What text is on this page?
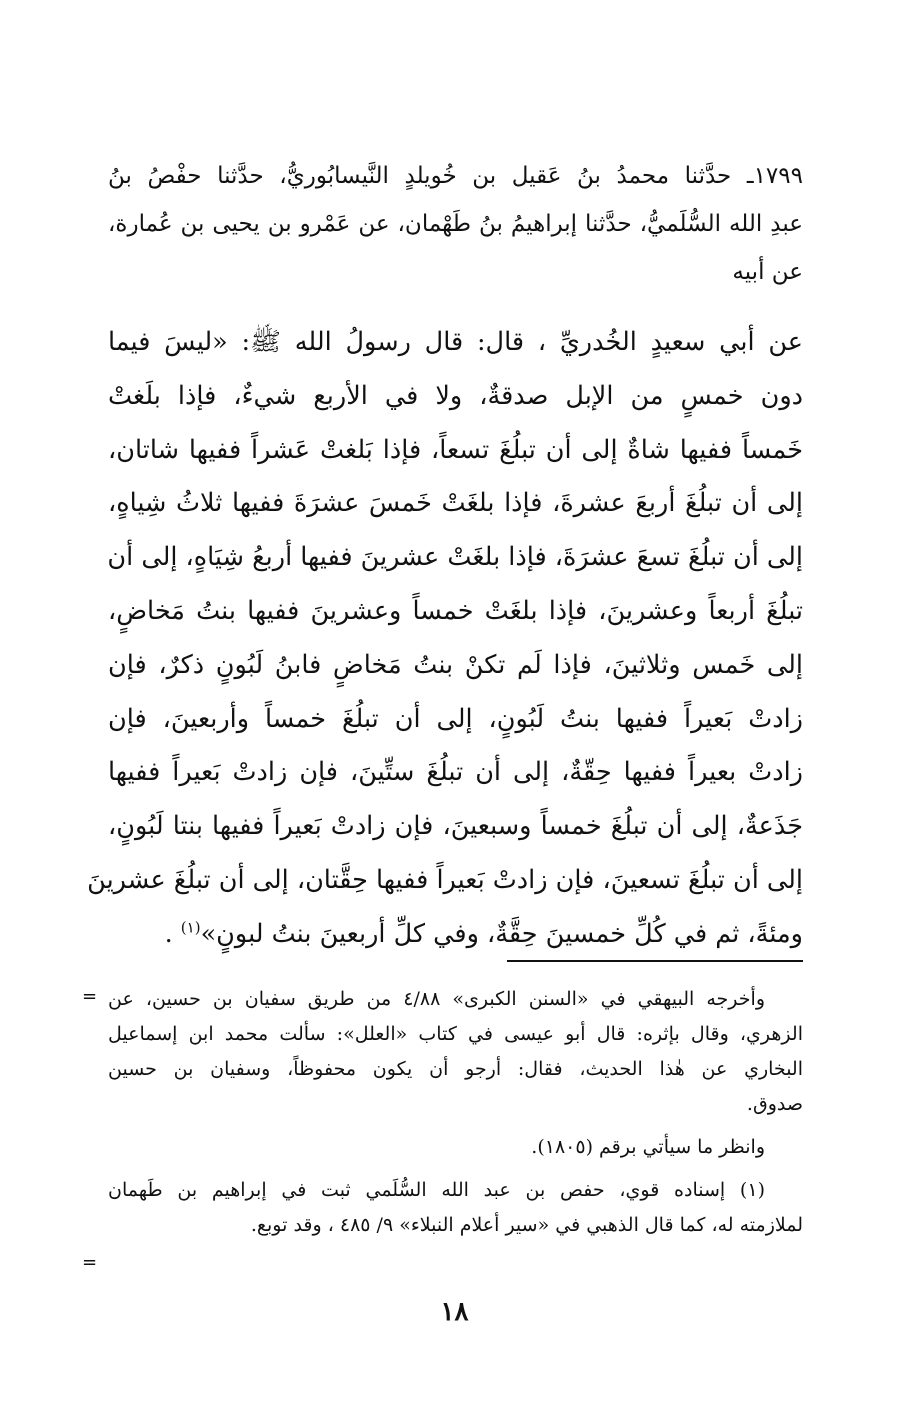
١٧٩٩ـ حدَّثنا محمدُ بنُ عَقيل بن خُويلدٍ النَّيسابُوريُّ، حدَّثنا حفْصُ بنُ
عبدِ الله السُّلَميُّ، حدَّثنا إبراهيمُ بنُ طَهْمان، عن عَمْرو بن يحيى بن عُمارة،
عن أبيه
عن أبي سعيدٍ الخُدريِّ ، قال: قال رسولُ الله ﷺ: «ليسَ فيما
دون خمسٍ من الإبل صدقةٌ، ولا في الأربع شيءٌ، فإذا بلَغتْ
خَمساً ففيها شاةٌ إلى أن تبلُغَ تسعاً، فإذا بَلغتْ عَشراً ففيها شاتان،
إلى أن تبلُغَ أربعَ عشرةَ، فإذا بلغَتْ خَمسَ عشرَةَ ففيها ثلاثُ شِياهٍ،
إلى أن تبلُغَ تسعَ عشرَةَ، فإذا بلغَتْ عشرينَ ففيها أربعُ شِيَاهٍ، إلى أن
تبلُغَ أربعاً وعشرينَ، فإذا بلغَتْ خمساً وعشرينَ ففيها بنتُ مَخاضٍ،
إلى خَمس وثلاثينَ، فإذا لَم تكنْ بنتُ مَخاضٍ فابنُ لَبُونٍ ذكرٌ، فإن
زادتْ بَعيراً ففيها بنتُ لَبُونٍ، إلى أن تبلُغَ خمساً وأربعينَ، فإن
زادتْ بعيراً ففيها حِقّةٌ، إلى أن تبلُغَ ستِّينَ، فإن زادتْ بَعيراً ففيها
جَذَعةٌ، إلى أن تبلُغَ خمساً وسبعينَ، فإن زادتْ بَعيراً ففيها بنتا لَبُونٍ،
إلى أن تبلُغَ تسعينَ، فإن زادتْ بَعيراً ففيها حِقَّتان، إلى أن تبلُغَ عشرينَ
ومئةً، ثم في كُلِّ خمسينَ حِقَّةٌ، وفي كلِّ أربعينَ بنتُ لبونٍ»$^{(١)}$ .
وأخرجه البيهقي في «السنن الكبرى» ٤/٨٨ من طريق سفيان بن حسين، عن
الزهري، وقال بإثره: قال أبو عيسى في كتاب «العلل»: سألت محمد ابن إسماعيل
البخاري عن هٰذا الحديث، فقال: أرجو أن يكون محفوظاً، وسفيان بن حسين
صدوق.
وانظر ما سيأتي برقم (١٨٠٥).
(١) إسناده قوي، حفص بن عبد الله السُّلَمي ثبت في إبراهيم بن طَهمان
لملازمته له، كما قال الذهبي في «سير أعلام النبلاء» ٩/ ٤٨٥ ، وقد توبع.
=
=
١٨
